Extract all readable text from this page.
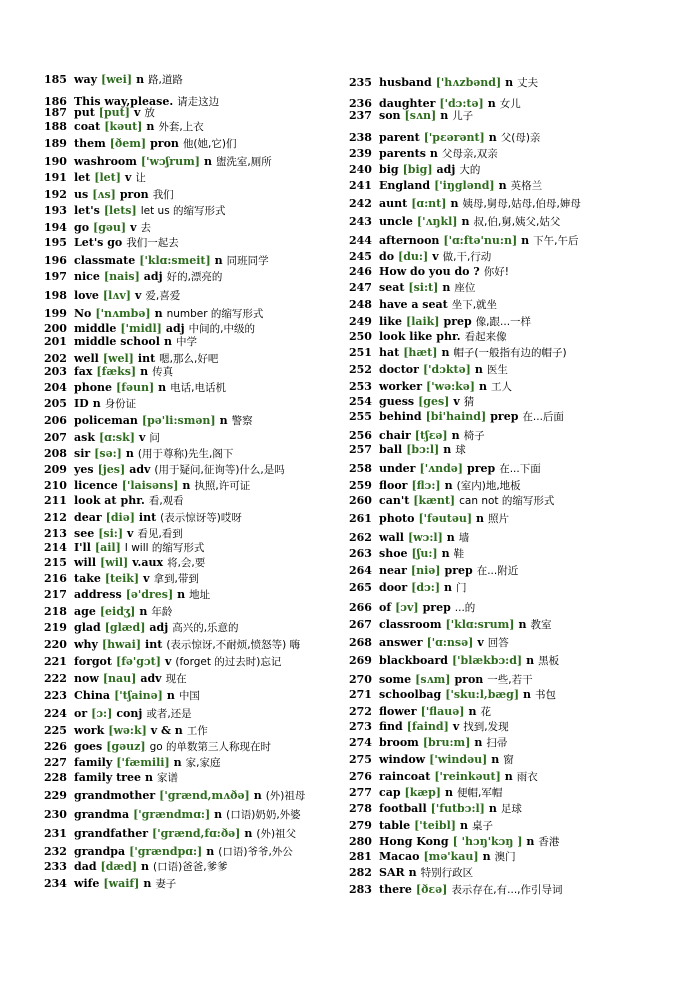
185 way [wei] n 路,道路
186 This way,please. 请走这边
187 put [put] v 放
188 coat [kəut] n 外套,上衣
189 them [ðem] pron 他(她,它)们
190 washroom ['wɔʃrum] n 盥洗室,厕所
191 let [let] v 让
192 us [ʌs] pron 我们
193 let's [lets] let us 的缩写形式
194 go [gəu] v 去
195 Let's go 我们一起去
196 classmate ['klɑ:smeit] n 同班同学
197 nice [nais] adj 好的,漂亮的
198 love [lʌv] v 爱,喜爱
199 No ['nʌmbə] n number 的缩写形式
200 middle ['midl] adj 中间的,中级的
201 middle school n 中学
202 well [wel] int 嗯,那么,好吧
203 fax [fæks] n 传真
204 phone [fəun] n 电话,电话机
205 ID n 身份证
206 policeman [pə'li:smən] n 警察
207 ask [ɑ:sk] v 问
208 sir [sə:] n (用于尊称)先生,阁下
209 yes [jes] adv (用于疑问,征询等)什么,是吗
210 licence ['laisəns] n 执照,许可证
211 look at phr. 看,观看
212 dear [diə] int (表示惊讶等)哎呀
213 see [si:] v 看见,看到
214 I'll [ail] I will 的缩写形式
215 will [wil] v.aux 将,会,要
216 take [teik] v 拿到,带到
217 address [ə'dres] n 地址
218 age [eidʒ] n 年龄
219 glad [glæd] adj 高兴的,乐意的
220 why [hwai] int (表示惊讶,不耐烦,愤怒等) 嗨
221 forgot [fə'gɔt] v (forget 的过去时)忘记
222 now [nau] adv 现在
223 China ['tʃainə] n 中国
224 or [ɔ:] conj 或者,还是
225 work [wə:k] v & n 工作
226 goes [gəuz] go 的单数第三人称现在时
227 family ['fæmili] n 家,家庭
228 family tree n 家谱
229 grandmother ['grænd,mʌðə] n (外)祖母
230 grandma ['grændmɑ:] n (口语)奶奶,外婆
231 grandfather ['grænd,fɑ:ðə] n (外)祖父
232 grandpa ['grændpɑ:] n (口语)爷爷,外公
233 dad [dæd] n (口语)爸爸,爹爹
234 wife [waif] n 妻子
235 husband ['hʌzbənd] n 丈夫
236 daughter ['dɔ:tə] n 女儿
237 son [sʌn] n 儿子
238 parent ['pɛərənt] n 父(母)亲
239 parents n 父母亲,双亲
240 big [big] adj 大的
241 England ['iŋglənd] n 英格兰
242 aunt [ɑ:nt] n 姨母,舅母,姑母,伯母,婶母
243 uncle ['ʌŋkl] n 叔,伯,舅,姨父,姑父
244 afternoon ['ɑ:ftə'nu:n] n 下午,午后
245 do [du:] v 做,干,行动
246 How do you do ? 你好!
247 seat [si:t] n 座位
248 have a seat 坐下,就坐
249 like [laik] prep 像,跟...一样
250 look like phr. 看起来像
251 hat [hæt] n 帽子(一般指有边的帽子)
252 doctor ['dɔktə] n 医生
253 worker ['wə:kə] n 工人
254 guess [ges] v 猜
255 behind [bi'haind] prep 在...后面
256 chair [tʃɛə] n 椅子
257 ball [bɔ:l] n 球
258 under ['ʌndə] prep 在...下面
259 floor [flɔ:] n (室内)地,地板
260 can't [kænt] can not 的缩写形式
261 photo ['fəutəu] n 照片
262 wall [wɔ:l] n 墙
263 shoe [ʃu:] n 鞋
264 near [niə] prep 在...附近
265 door [dɔ:] n 门
266 of [ɔv] prep ...的
267 classroom ['klɑ:srum] n 教室
268 answer ['ɑ:nsə] v 回答
269 blackboard ['blækbɔ:d] n 黑板
270 some [sʌm] pron 一些,若干
271 schoolbag ['sku:l,bæg] n 书包
272 flower ['flauə] n 花
273 find [faind] v 找到,发现
274 broom [bru:m] n 扫帚
275 window ['windəu] n 窗
276 raincoat ['reinkəut] n 雨衣
277 cap [kæp] n 便帽,军帽
278 football ['futbɔ:l] n 足球
279 table ['teibl] n 桌子
280 Hong Kong [ 'hɔŋ'kɔŋ ] n 香港
281 Macao [mə'kau] n 澳门
282 SAR n 特别行政区
283 there [ðɛə] 表示存在,有...,作引导词
